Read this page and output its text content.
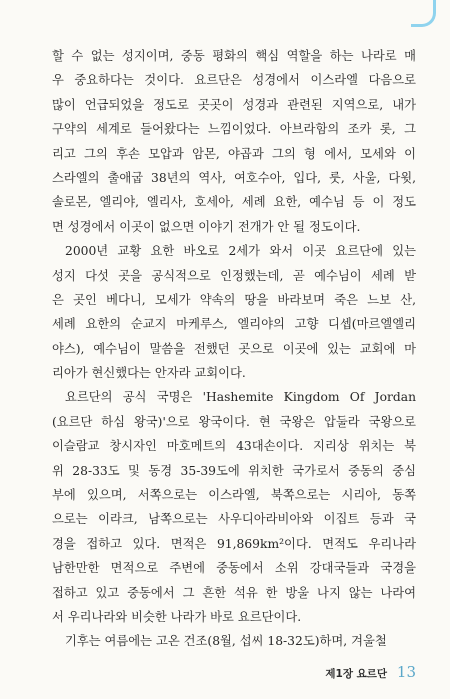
할 수 없는 성지이며, 중동 평화의 핵심 역할을 하는 나라로 매
우 중요하다는 것이다. 요르단은 성경에서 이스라엘 다음으로
많이 언급되었을 정도로 곳곳이 성경과 관련된 지역으로, 내가
구약의 세계로 들어왔다는 느낌이었다. 아브라함의 조카 롯, 그
리고 그의 후손 모압과 암몬, 야곱과 그의 형 에서, 모세와 이
스라엘의 출애굽 38년의 역사, 여호수아, 입다, 룻, 사울, 다윗,
솔로몬, 엘리야, 엘리사, 호세아, 세례 요한, 예수님 등 이 정도
면 성경에서 이곳이 없으면 이야기 전개가 안 될 정도이다.
2000년 교황 요한 바오로 2세가 와서 이곳 요르단에 있는
성지 다섯 곳을 공식적으로 인정했는데, 곧 예수님이 세례 받
은 곳인 베다니, 모세가 약속의 땅을 바라보며 죽은 느보 산,
세례 요한의 순교지 마케루스, 엘리야의 고향 디셉(마르엘엘리
야스), 예수님이 말씀을 전했던 곳으로 이곳에 있는 교회에 마
리아가 현신했다는 안자라 교회이다.
요르단의 공식 국명은 'Hashemite Kingdom Of Jordan
(요르단 하심 왕국)'으로 왕국이다. 현 국왕은 압둘라 국왕으로
이슬람교 창시자인 마호메트의 43대손이다. 지리상 위치는 북
위 28-33도 및 동경 35-39도에 위치한 국가로서 중동의 중심
부에 있으며, 서쪽으로는 이스라엘, 북쪽으로는 시리아, 동쪽
으로는 이라크, 남쪽으로는 사우디아라비아와 이집트 등과 국
경을 접하고 있다. 면적은 91,869km²이다. 면적도 우리나라
남한만한 면적으로 주변에 중동에서 소위 강대국들과 국경을
접하고 있고 중동에서 그 흔한 석유 한 방울 나지 않는 나라여
서 우리나라와 비슷한 나라가 바로 요르단이다.
기후는 여름에는 고온 건조(8월, 섭씨 18-32도)하며, 겨울철
제1장 요르단 13
